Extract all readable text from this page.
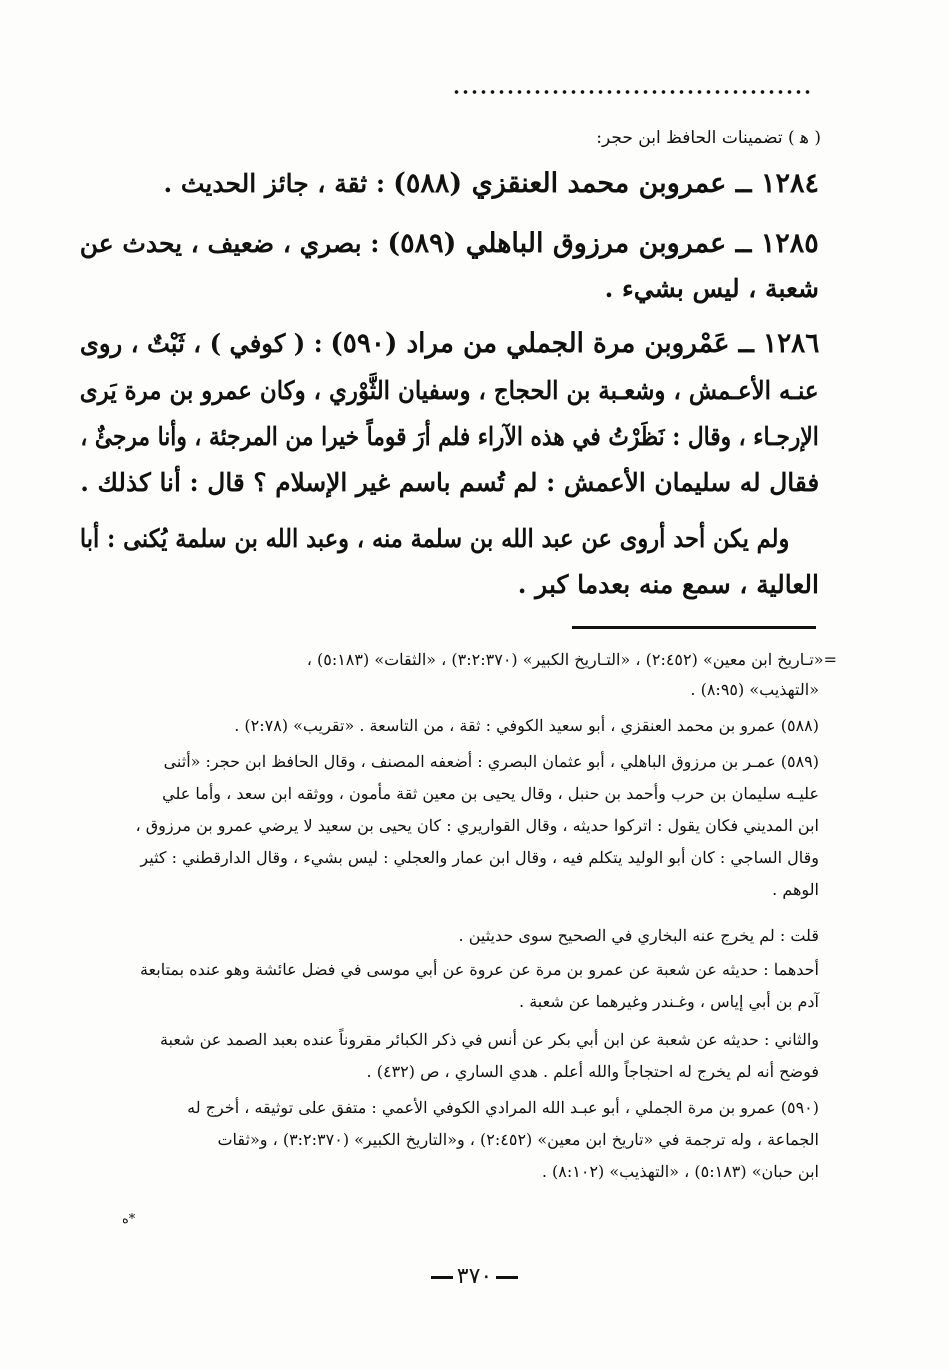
( ﻫ ) تضمينات الحافظ ابن حجر:
١٢٨٤ ــ عمروبن محمد العنقزي (٥٨٨) : ثقة ، جائز الحديث .
١٢٨٥ ــ عمروبن مرزوق الباهلي (٥٨٩) : بصري ، ضعيف ، يحدث عن
شعبة ، ليس بشيء .
١٢٨٦ ــ عَمْروبن مرة الجملي من مراد (٥٩٠) : ( كوفي ) ، ثَبْتٌ ، روى
عنـه الأعـمش ، وشعـبة بن الحجاج ، وسفيان الثَّوْري ، وكان عمرو بن مرة يَرى
الإرجـاء ، وقال : نَظَرْتُ في هذه الآراء فلم أرَ قوماً خيرا من المرجئة ، وأنا مرجئٌ ،
فقال له سليمان الأعمش : لم تُسم باسم غير الإسلام ؟ قال : أنا كذلك .
ولم يكن أحد أروى عن عبد الله بن سلمة منه ، وعبد الله بن سلمة يُكنى : أبا
العالية ، سمع منه بعدما كبر .
=«تـاريخ ابن معين» (٢:٤٥٢) ، «التـاريخ الكبير» (٣:٢:٣٧٠) ، «الثقات» (٥:١٨٣) ،
«التهذيب» (٨:٩٥) .
(٥٨٨) عمرو بن محمد العنقزي ، أبو سعيد الكوفي : ثقة ، من التاسعة . «تقريب» (٢:٧٨) .
(٥٨٩) عمـر بن مرزوق الباهلي ، أبو عثمان البصري : أضعفه المصنف ، وقال الحافظ ابن حجر: «أثنى
عليـه سليمان بن حرب وأحمد بن حنبل ، وقال يحيى بن معين ثقة مأمون ، ووثقه ابن سعد ، وأما علي
ابن المديني فكان يقول : اتركوا حديثه ، وقال القواريري : كان يحيى بن سعيد لا يرضي عمرو بن مرزوق ،
وقال الساجي : كان أبو الوليد يتكلم فيه ، وقال ابن عمار والعجلي : ليس بشيء ، وقال الدارقطني : كثير
الوهم .
قلت : لم يخرج عنه البخاري في الصحيح سوى حديثين .
أحدهما : حديثه عن شعبة عن عمرو بن مرة عن عروة عن أبي موسى في فضل عائشة وهو عنده بمتابعة
آدم بن أبي إياس ، وغـندر وغيرهما عن شعبة .
والثاني : حديثه عن شعبة عن ابن أبي بكر عن أنس في ذكر الكبائر مقروناً عنده بعبد الصمد عن شعبة
فوضح أنه لم يخرج له احتجاجاً والله أعلم . هدي الساري ، ص (٤٣٢) .
(٥٩٠) عمرو بن مرة الجملي ، أبو عبـد الله المرادي الكوفي الأعمي : متفق على توثيقه ، أخرج له
الجماعة ، وله ترجمة في «تاريخ ابن معين» (٢:٤٥٢) ، و«التاريخ الكبير» (٣:٢:٣٧٠) ، و«ثقات
ابن حبان» (٥:١٨٣) ، «التهذيب» (٨:١٠٢) .
*ه
٣٧٠
